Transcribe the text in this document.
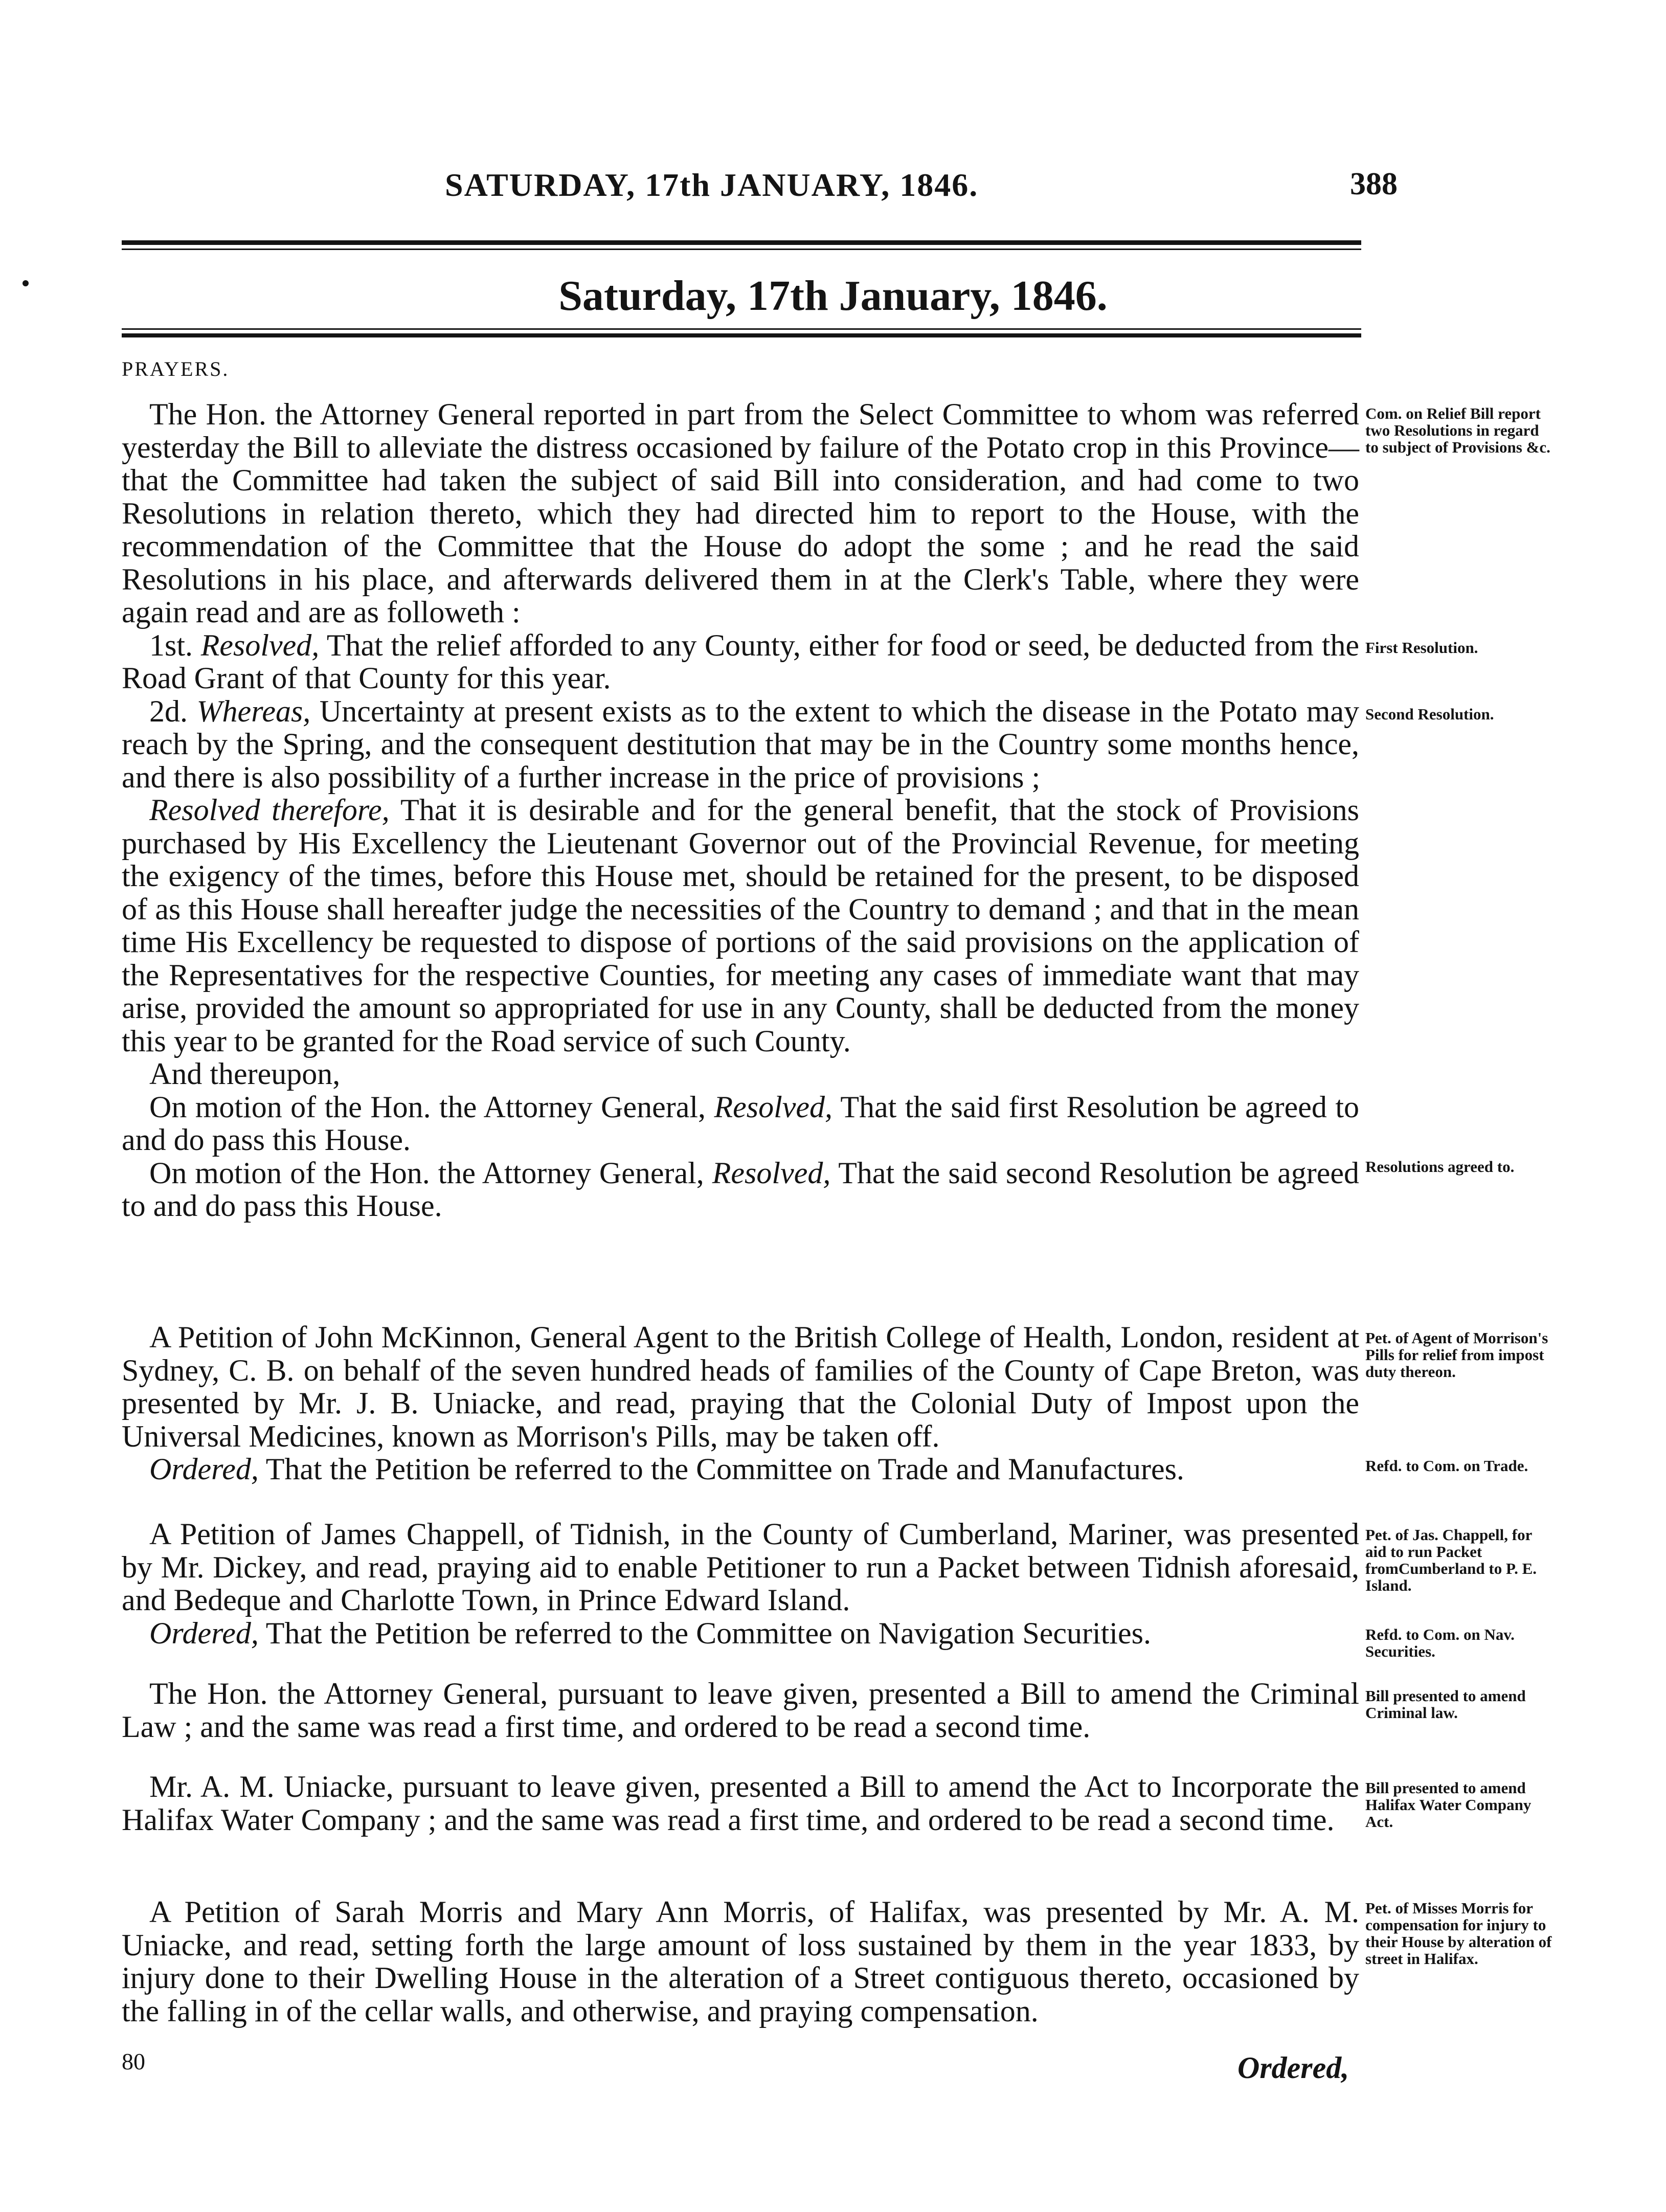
SATURDAY, 17th JANUARY, 1846.	388
Saturday, 17th January, 1846.
PRAYERS.

The Hon. the Attorney General reported in part from the Select Committee to whom was referred yesterday the Bill to alleviate the distress occasioned by failure of the Potato crop in this Province—that the Committee had taken the subject of said Bill into consideration, and had come to two Resolutions in relation thereto, which they had directed him to report to the House, with the recommendation of the Committee that the House do adopt the some ; and he read the said Resolutions in his place, and afterwards delivered them in at the Clerk's Table, where they were again read and are as followeth :

1st. Resolved, That the relief afforded to any County, either for food or seed, be deducted from the Road Grant of that County for this year.

2d. Whereas, Uncertainty at present exists as to the extent to which the disease in the Potato may reach by the Spring, and the consequent destitution that may be in the Country some months hence, and there is also possibility of a further increase in the price of provisions ;

Resolved therefore, That it is desirable and for the general benefit, that the stock of Provisions purchased by His Excellency the Lieutenant Governor out of the Provincial Revenue, for meeting the exigency of the times, before this House met, should be retained for the present, to be disposed of as this House shall hereafter judge the necessities of the Country to demand ; and that in the mean time His Excellency be requested to dispose of portions of the said provisions on the application of the Representatives for the respective Counties, for meeting any cases of immediate want that may arise, provided the amount so appropriated for use in any County, shall be deducted from the money this year to be granted for the Road service of such County.

And thereupon,

On motion of the Hon. the Attorney General, Resolved, That the said first Resolution be agreed to and do pass this House.

On motion of the Hon. the Attorney General, Resolved, That the said second Resolution be agreed to and do pass this House.

A Petition of John McKinnon, General Agent to the British College of Health, London, resident at Sydney, C. B. on behalf of the seven hundred heads of families of the County of Cape Breton, was presented by Mr. J. B. Uniacke, and read, praying that the Colonial Duty of Impost upon the Universal Medicines, known as Morrison's Pills, may be taken off.

Ordered, That the Petition be referred to the Committee on Trade and Manufactures.

A Petition of James Chappell, of Tidnish, in the County of Cumberland, Mariner, was presented by Mr. Dickey, and read, praying aid to enable Petitioner to run a Packet between Tidnish aforesaid, and Bedeque and Charlotte Town, in Prince Edward Island.

Ordered, That the Petition be referred to the Committee on Navigation Securities.

The Hon. the Attorney General, pursuant to leave given, presented a Bill to amend the Criminal Law ; and the same was read a first time, and ordered to be read a second time.

Mr. A. M. Uniacke, pursuant to leave given, presented a Bill to amend the Act to Incorporate the Halifax Water Company ; and the same was read a first time, and ordered to be read a second time.

A Petition of Sarah Morris and Mary Ann Morris, of Halifax, was presented by Mr. A. M. Uniacke, and read, setting forth the large amount of loss sustained by them in the year 1833, by injury done to their Dwelling House in the alteration of a Street contiguous thereto, occasioned by the falling in of the cellar walls, and otherwise, and praying compensation.

80	Ordered,
Com. on Relief Bill report two Resolutions in regard to subject of Provisions &c.
First Resolution.
Second Resolution.
Resolutions agreed to.
Pet. of Agent of Morrison's Pills for relief from impost duty thereon.
Refd. to Com. on Trade.
Pet. of Jas. Chappell, for aid to run Packet fromCumberland to P. E. Island.
Refd. to Com. on Nav. Securities.
Bill presented to amend Criminal law.
Bill presented to amend Halifax Water Company Act.
Pet. of Misses Morris for compensation for injury to their House by alteration of street in Halifax.
